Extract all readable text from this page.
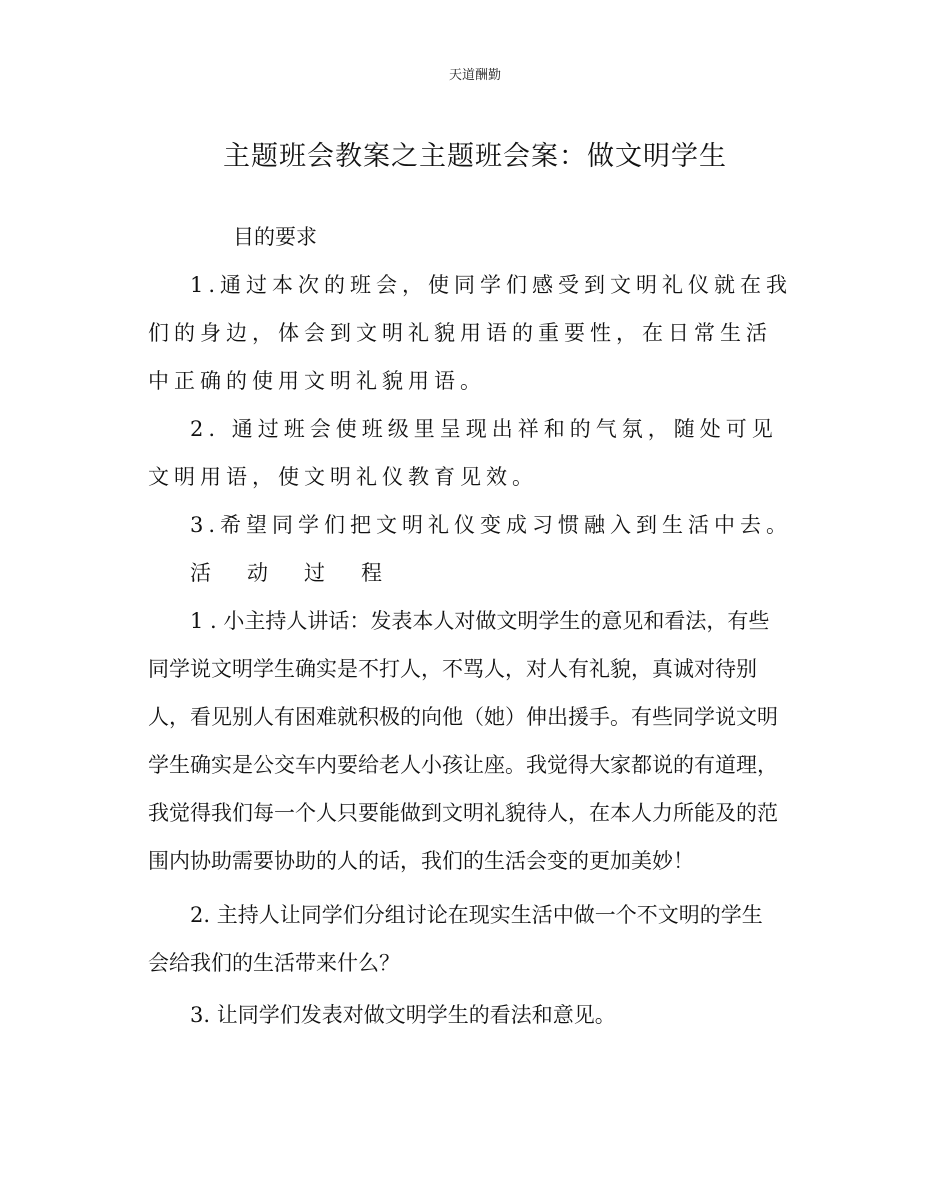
天道酬勤
主题班会教案之主题班会案：做文明学生
目的要求
1.通过本次的班会，使同学们感受到文明礼仪就在我
们的身边，体会到文明礼貌用语的重要性，在日常生活
中正确的使用文明礼貌用语。
2. 通过班会使班级里呈现出祥和的气氛，随处可见
文明用语，使文明礼仪教育见效。
3.希望同学们把文明礼仪变成习惯融入到生活中去。
活动过程
1 . 小主持人讲话：发表本人对做文明学生的意见和看法，有些
同学说文明学生确实是不打人，不骂人，对人有礼貌，真诚对待别
人，看见别人有困难就积极的向他（她）伸出援手。有些同学说文明
学生确实是公交车内要给老人小孩让座。我觉得大家都说的有道理，
我觉得我们每一个人只要能做到文明礼貌待人，在本人力所能及的范
围内协助需要协助的人的话，我们的生活会变的更加美妙！
2. 主持人让同学们分组讨论在现实生活中做一个不文明的学生
会给我们的生活带来什么？
3. 让同学们发表对做文明学生的看法和意见。
